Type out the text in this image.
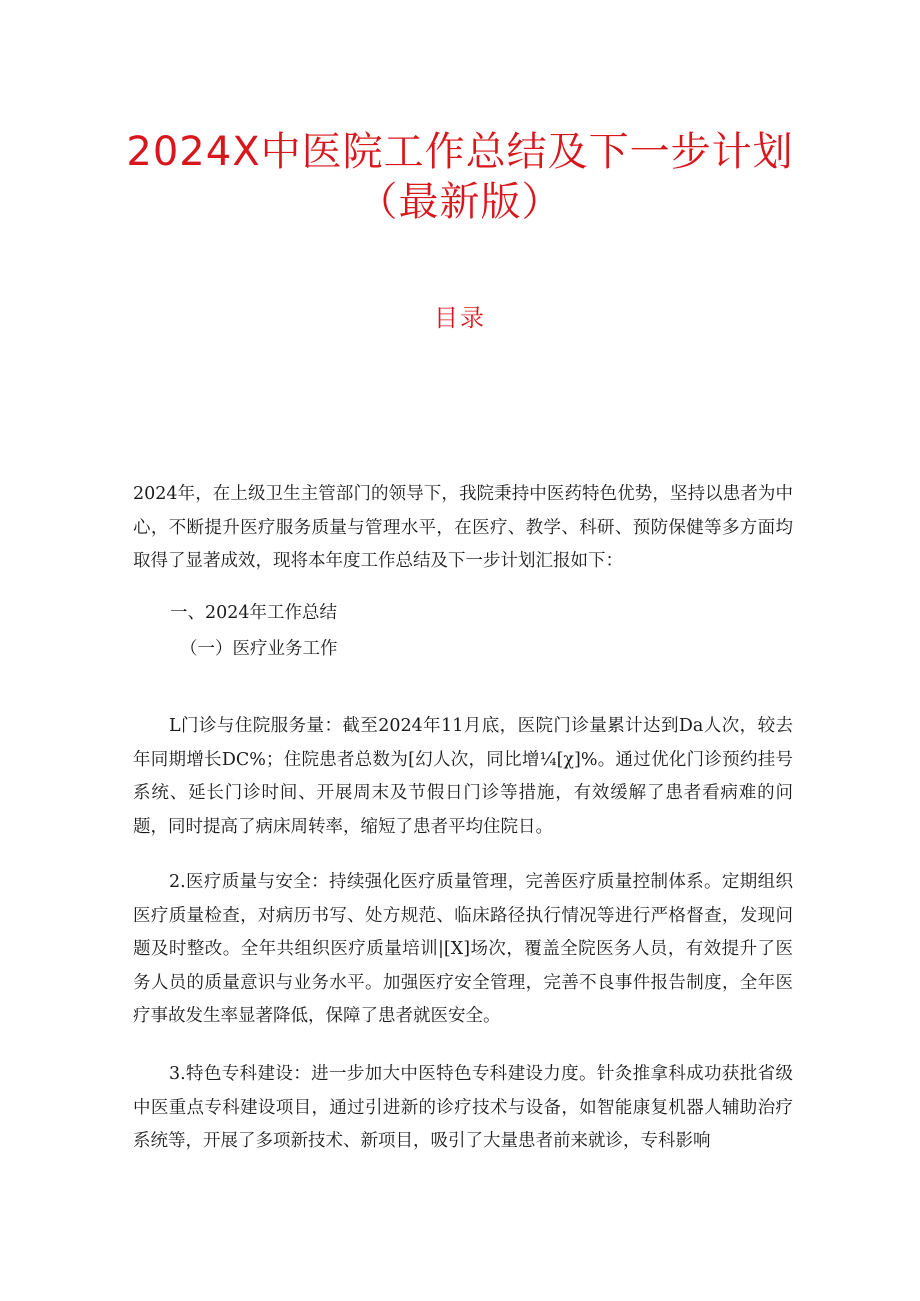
2024X中医院工作总结及下一步计划
（最新版）
目录

2024年，在上级卫生主管部门的领导下，我院秉持中医药特色优势，坚持以患者为中心，不断提升医疗服务质量与管理水平，在医疗、教学、科研、预防保健等多方面均取得了显著成效，现将本年度工作总结及下一步计划汇报如下：

一、2024年工作总结

（一）医疗业务工作

L门诊与住院服务量：截至2024年11月底，医院门诊量累计达到Da人次，较去年同期增长DC%；住院患者总数为[幻人次，同比增¼[χ]%。通过优化门诊预约挂号系统、延长门诊时间、开展周末及节假日门诊等措施，有效缓解了患者看病难的问题，同时提高了病床周转率，缩短了患者平均住院日。

2.医疗质量与安全：持续强化医疗质量管理，完善医疗质量控制体系。定期组织医疗质量检查，对病历书写、处方规范、临床路径执行情况等进行严格督查，发现问题及时整改。全年共组织医疗质量培训|[X]场次，覆盖全院医务人员，有效提升了医务人员的质量意识与业务水平。加强医疗安全管理，完善不良事件报告制度，全年医疗事故发生率显著降低，保障了患者就医安全。

3.特色专科建设：进一步加大中医特色专科建设力度。针灸推拿科成功获批省级中医重点专科建设项目，通过引进新的诊疗技术与设备，如智能康复机器人辅助治疗系统等，开展了多项新技术、新项目，吸引了大量患者前来就诊，专科影响
